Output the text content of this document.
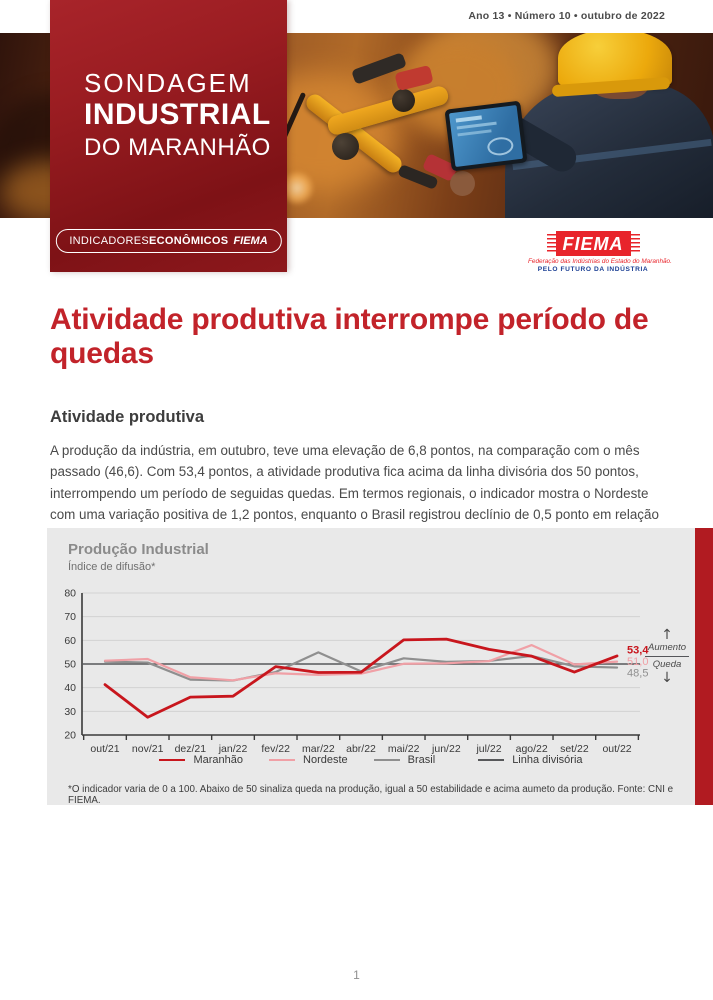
Ano 13 • Número 10 • outubro de 2022
SONDAGEM
INDUSTRIAL
DO MARANHÃO
INDICADORESECONÔMICOS FIEMA	FIEMA
Federação das Indústrias do Estado do Maranhão.
PELO FUTURO DA INDÚSTRIA
Atividade produtiva interrompe período de quedas
Atividade produtiva

A produção da indústria, em outubro, teve uma elevação de 6,8 pontos, na comparação com o mês passado (46,6). Com 53,4 pontos, a atividade produtiva fica acima da linha divisória dos 50 pontos, interrompendo um período de seguidas quedas. Em termos regionais, o indicador mostra o Nordeste com uma variação positiva de 1,2 pontos, enquanto o Brasil registrou declínio de 0,5 ponto em relação

Produção Industrial
Índice de difusão*
20
30
40
50
60
70
80
out/21 nov/21 dez/21 jan/22 fev/22 mar/22 abr/22 mai/22 jun/22 jul/22 ago/22 set/22 out/22
53,4
51,0
48,5
↑
Aumento
Queda
↓
Maranhão	Nordeste	Brasil	Linha divisória
*O indicador varia de 0 a 100. Abaixo de 50 sinaliza queda na produção, igual a 50 estabilidade e acima aumeto da produção. Fonte: CNI e FIEMA.
1
